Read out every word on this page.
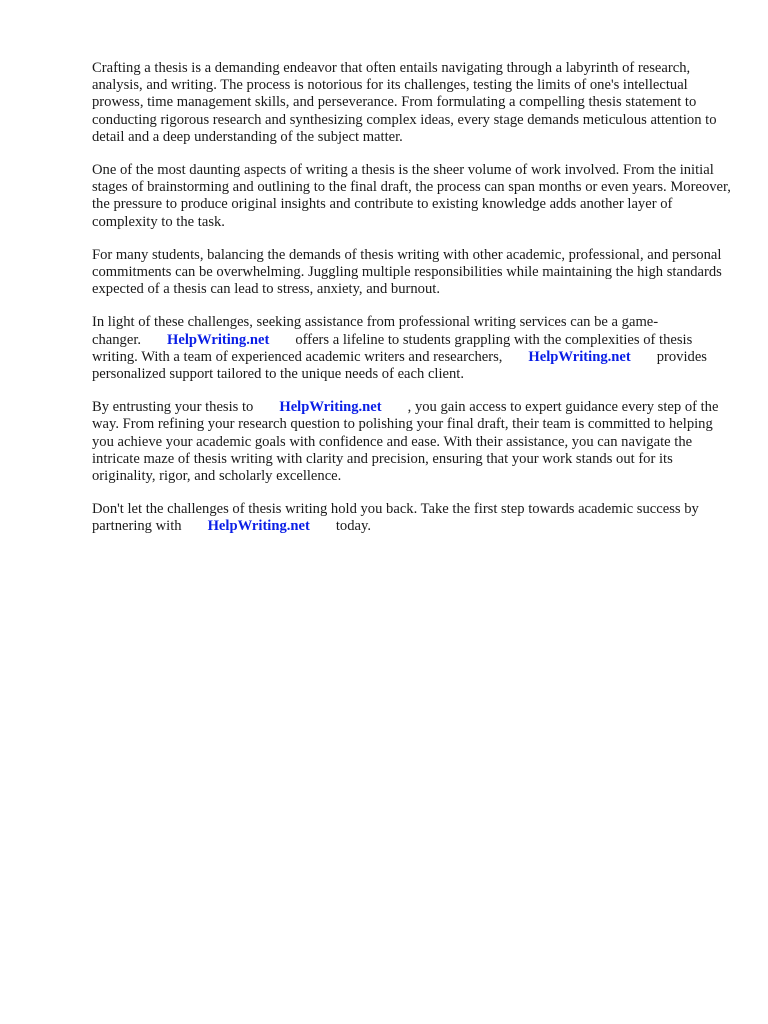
Crafting a thesis is a demanding endeavor that often entails navigating through a labyrinth of research, analysis, and writing. The process is notorious for its challenges, testing the limits of one's intellectual prowess, time management skills, and perseverance. From formulating a compelling thesis statement to conducting rigorous research and synthesizing complex ideas, every stage demands meticulous attention to detail and a deep understanding of the subject matter.

One of the most daunting aspects of writing a thesis is the sheer volume of work involved. From the initial stages of brainstorming and outlining to the final draft, the process can span months or even years. Moreover, the pressure to produce original insights and contribute to existing knowledge adds another layer of complexity to the task.

For many students, balancing the demands of thesis writing with other academic, professional, and personal commitments can be overwhelming. Juggling multiple responsibilities while maintaining the high standards expected of a thesis can lead to stress, anxiety, and burnout.

In light of these challenges, seeking assistance from professional writing services can be a game-changer. HelpWriting.net offers a lifeline to students grappling with the complexities of thesis writing. With a team of experienced academic writers and researchers, HelpWriting.net provides personalized support tailored to the unique needs of each client.

By entrusting your thesis to HelpWriting.net , you gain access to expert guidance every step of the way. From refining your research question to polishing your final draft, their team is committed to helping you achieve your academic goals with confidence and ease. With their assistance, you can navigate the intricate maze of thesis writing with clarity and precision, ensuring that your work stands out for its originality, rigor, and scholarly excellence.

Don't let the challenges of thesis writing hold you back. Take the first step towards academic success by partnering with HelpWriting.net today.
